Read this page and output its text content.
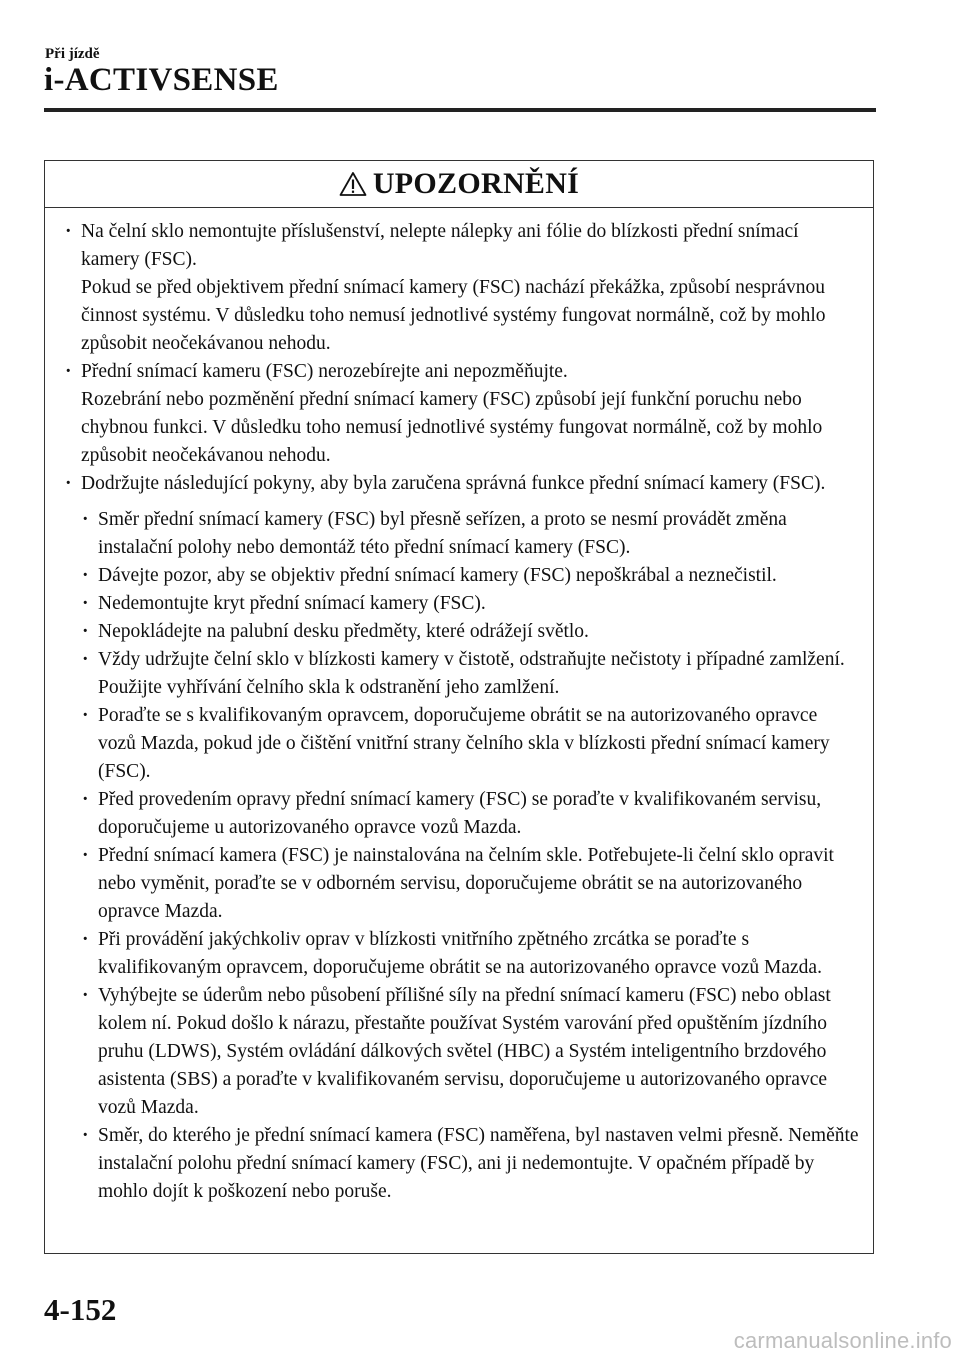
Při jízdě
i-ACTIVSENSE
UPOZORNĚNÍ
· Na čelní sklo nemontujte příslušenství, nelepte nálepky ani fólie do blízkosti přední snímací kamery (FSC).
Pokud se před objektivem přední snímací kamery (FSC) nachází překážka, způsobí nesprávnou činnost systému. V důsledku toho nemusí jednotlivé systémy fungovat normálně, což by mohlo způsobit neočekávanou nehodu.
· Přední snímací kameru (FSC) nerozebírejte ani nepozměňujte.
Rozebrání nebo pozměnění přední snímací kamery (FSC) způsobí její funkční poruchu nebo chybnou funkci. V důsledku toho nemusí jednotlivé systémy fungovat normálně, což by mohlo způsobit neočekávanou nehodu.
· Dodržujte následující pokyny, aby byla zaručena správná funkce přední snímací kamery (FSC).
· Směr přední snímací kamery (FSC) byl přesně seřízen, a proto se nesmí provádět změna instalační polohy nebo demontáž této přední snímací kamery (FSC).
· Dávejte pozor, aby se objektiv přední snímací kamery (FSC) nepoškrábal a neznečistil.
· Nedemontujte kryt přední snímací kamery (FSC).
· Nepokládejte na palubní desku předměty, které odrážejí světlo.
· Vždy udržujte čelní sklo v blízkosti kamery v čistotě, odstraňujte nečistoty i případné zamlžení. Použijte vyhřívání čelního skla k odstranění jeho zamlžení.
· Poraďte se s kvalifikovaným opravcem, doporučujeme obrátit se na autorizovaného opravce vozů Mazda, pokud jde o čištění vnitřní strany čelního skla v blízkosti přední snímací kamery (FSC).
· Před provedením opravy přední snímací kamery (FSC) se poraďte v kvalifikovaném servisu, doporučujeme u autorizovaného opravce vozů Mazda.
· Přední snímací kamera (FSC) je nainstalována na čelním skle. Potřebujete-li čelní sklo opravit nebo vyměnit, poraďte se v odborném servisu, doporučujeme obrátit se na autorizovaného opravce Mazda.
· Při provádění jakýchkoliv oprav v blízkosti vnitřního zpětného zrcátka se poraďte s kvalifikovaným opravcem, doporučujeme obrátit se na autorizovaného opravce vozů Mazda.
· Vyhýbejte se úderům nebo působení přílišné síly na přední snímací kameru (FSC) nebo oblast kolem ní. Pokud došlo k nárazu, přestaňte používat Systém varování před opuštěním jízdního pruhu (LDWS), Systém ovládání dálkových světel (HBC) a Systém inteligentního brzdového asistenta (SBS) a poraďte v kvalifikovaném servisu, doporučujeme u autorizovaného opravce vozů Mazda.
· Směr, do kterého je přední snímací kamera (FSC) naměřena, byl nastaven velmi přesně. Neměňte instalační polohu přední snímací kamery (FSC), ani ji nedemontujte. V opačném případě by mohlo dojít k poškození nebo poruše.
4-152
carmanualsonline.info
